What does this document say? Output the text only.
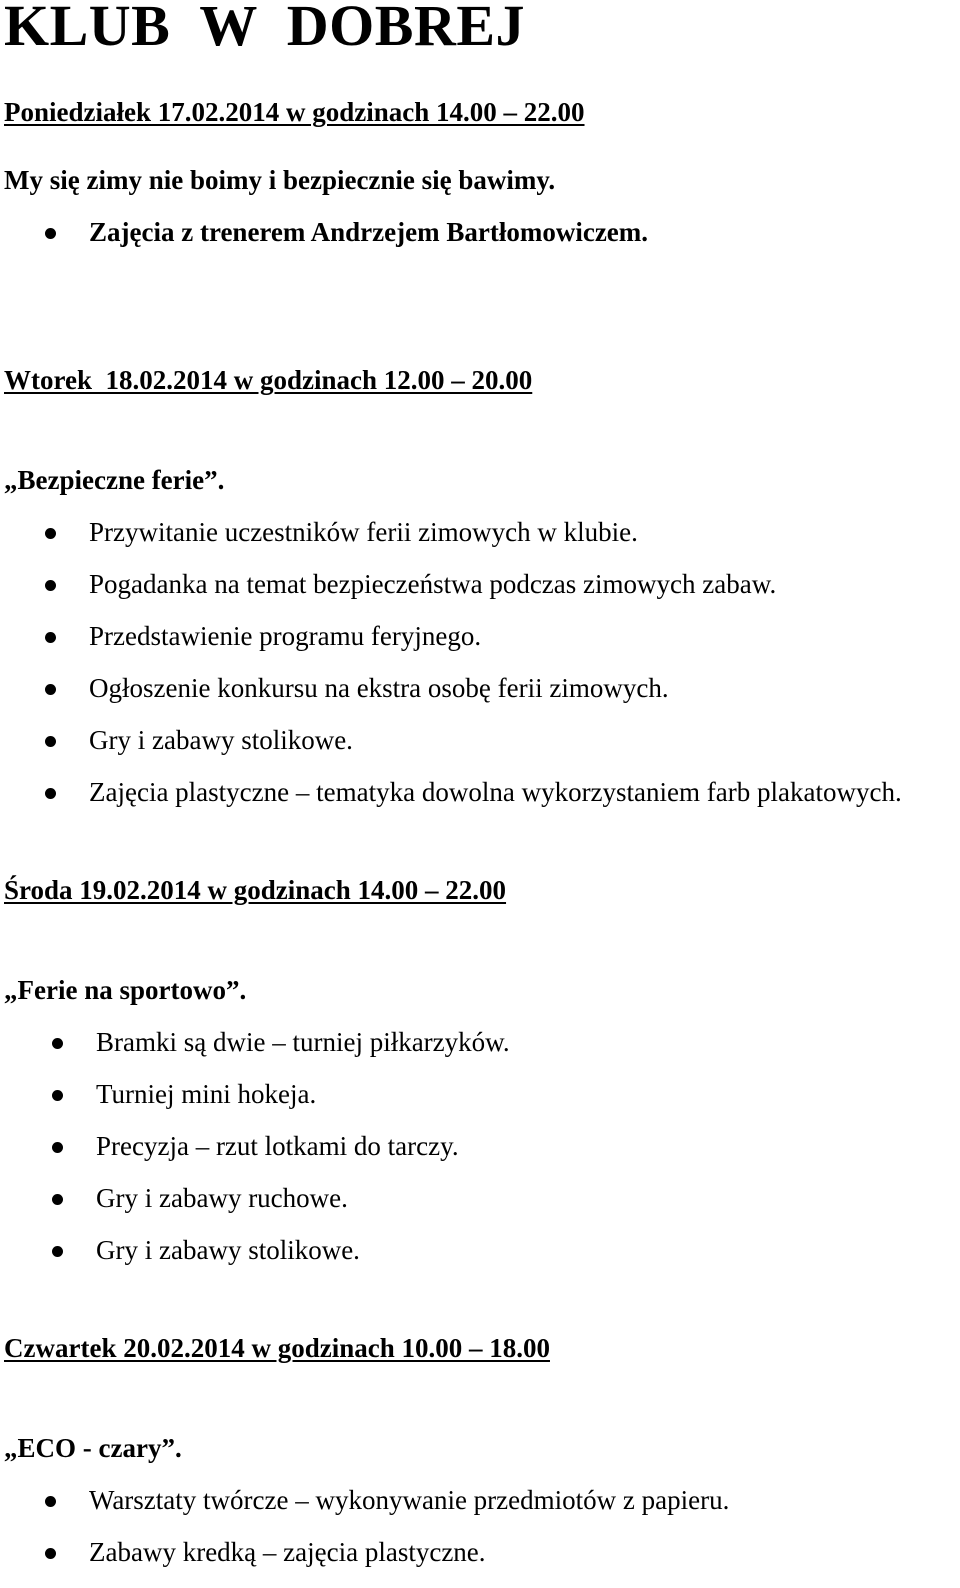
KLUB  W  DOBREJ
Poniedziałek 17.02.2014 w godzinach 14.00 – 22.00

My się zimy nie boimy i bezpiecznie się bawimy.

Zajęcia z trenerem Andrzejem Bartłomowiczem.
Wtorek  18.02.2014 w godzinach 12.00 – 20.00

„Bezpieczne ferie”.

Przywitanie uczestników ferii zimowych w klubie.
Pogadanka na temat bezpieczeństwa podczas zimowych zabaw.
Przedstawienie programu feryjnego.
Ogłoszenie konkursu na ekstra osobę ferii zimowych.
Gry i zabawy stolikowe.
Zajęcia plastyczne – tematyka dowolna wykorzystaniem farb plakatowych.
Środa 19.02.2014 w godzinach 14.00 – 22.00

„Ferie na sportowo”.

Bramki są dwie – turniej piłkarzyków.
Turniej mini hokeja.
Precyzja – rzut lotkami do tarczy.
Gry i zabawy ruchowe.
Gry i zabawy stolikowe.
Czwartek 20.02.2014 w godzinach 10.00 – 18.00

„ECO - czary”.

Warsztaty twórcze – wykonywanie przedmiotów z papieru.
Zabawy kredką – zajęcia plastyczne.
